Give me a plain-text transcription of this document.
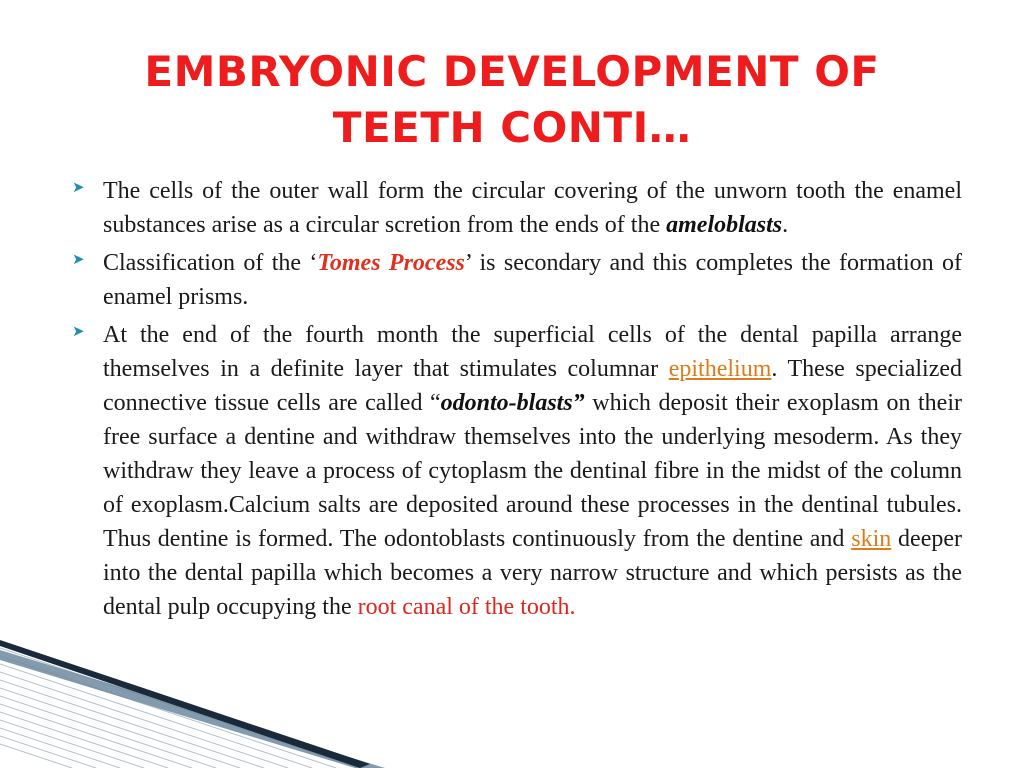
EMBRYONIC DEVELOPMENT OF TEETH CONTI…
➤ The cells of the outer wall form the circular covering of the unworn tooth the enamel substances arise as a circular scretion from the ends of the ameloblasts.
➤ Classification of the ‘Tomes Process’ is secondary and this completes the formation of enamel prisms.
➤ At the end of the fourth month the superficial cells of the dental papilla arrange themselves in a definite layer that stimulates columnar epithelium. These specialized connective tissue cells are called “odonto-blasts” which deposit their exoplasm on their free surface a dentine and withdraw themselves into the underlying mesoderm. As they withdraw they leave a process of cytoplasm the dentinal fibre in the midst of the column of exoplasm.Calcium salts are deposited around these processes in the dentinal tubules. Thus dentine is formed. The odontoblasts continuously from the dentine and skin deeper into the dental papilla which becomes a very narrow structure and which persists as the dental pulp occupying the root canal of the tooth.
